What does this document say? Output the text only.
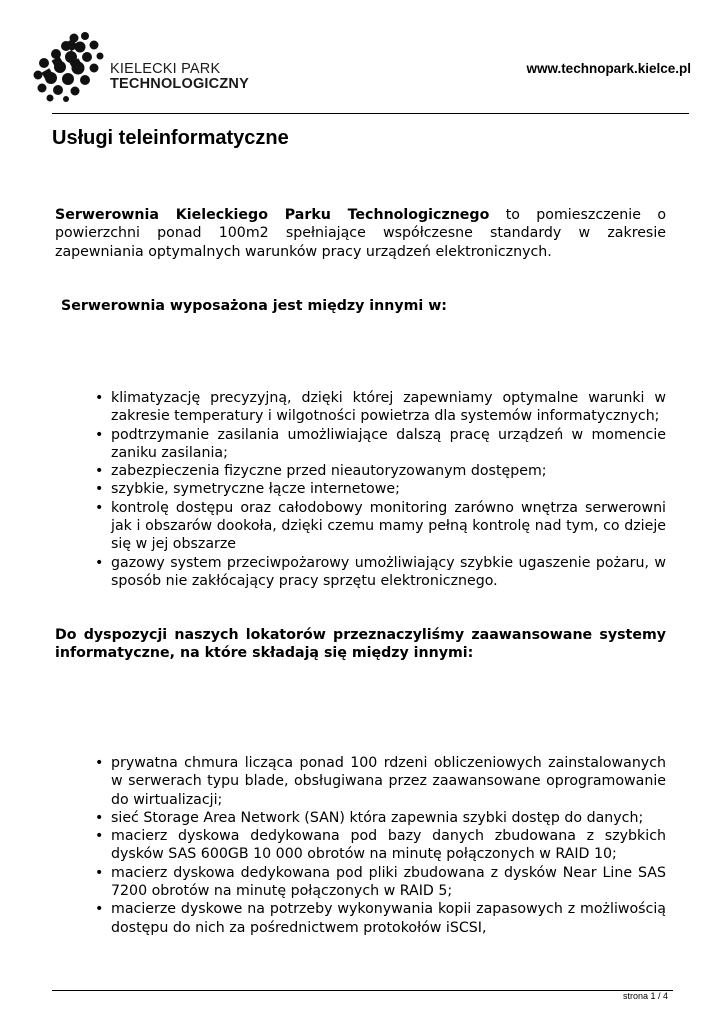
KIELECKI PARK
TECHNOLOGICZNY
www.technopark.kielce.pl
Usługi teleinformatyczne

Serwerownia Kieleckiego Parku Technologicznego to pomieszczenie o powierzchni ponad 100m2 spełniające współczesne standardy w zakresie zapewniania optymalnych warunków pracy urządzeń elektronicznych.

Serwerownia wyposażona jest między innymi w:
• klimatyzację precyzyjną, dzięki której zapewniamy optymalne warunki w zakresie temperatury i wilgotności powietrza dla systemów informatycznych;
• podtrzymanie zasilania umożliwiające dalszą pracę urządzeń w momencie zaniku zasilania;
• zabezpieczenia fizyczne przed nieautoryzowanym dostępem;
• szybkie, symetryczne łącze internetowe;
• kontrolę dostępu oraz całodobowy monitoring zarówno wnętrza serwerowni jak i obszarów dookoła, dzięki czemu mamy pełną kontrolę nad tym, co dzieje się w jej obszarze
• gazowy system przeciwpożarowy umożliwiający szybkie ugaszenie pożaru, w sposób nie zakłócający pracy sprzętu elektronicznego.

Do dyspozycji naszych lokatorów przeznaczyliśmy zaawansowane systemy informatyczne, na które składają się między innymi:

• prywatna chmura licząca ponad 100 rdzeni obliczeniowych zainstalowanych w serwerach typu blade, obsługiwana przez zaawansowane oprogramowanie do wirtualizacji;
• sieć Storage Area Network (SAN) która zapewnia szybki dostęp do danych;
• macierz dyskowa dedykowana pod bazy danych zbudowana z szybkich dysków SAS 600GB 10 000 obrotów na minutę połączonych w RAID 10;
• macierz dyskowa dedykowana pod pliki zbudowana z dysków Near Line SAS 7200 obrotów na minutę połączonych w RAID 5;
• macierze dyskowe na potrzeby wykonywania kopii zapasowych z możliwością dostępu do nich za pośrednictwem protokołów iSCSI,
strona 1 / 4
